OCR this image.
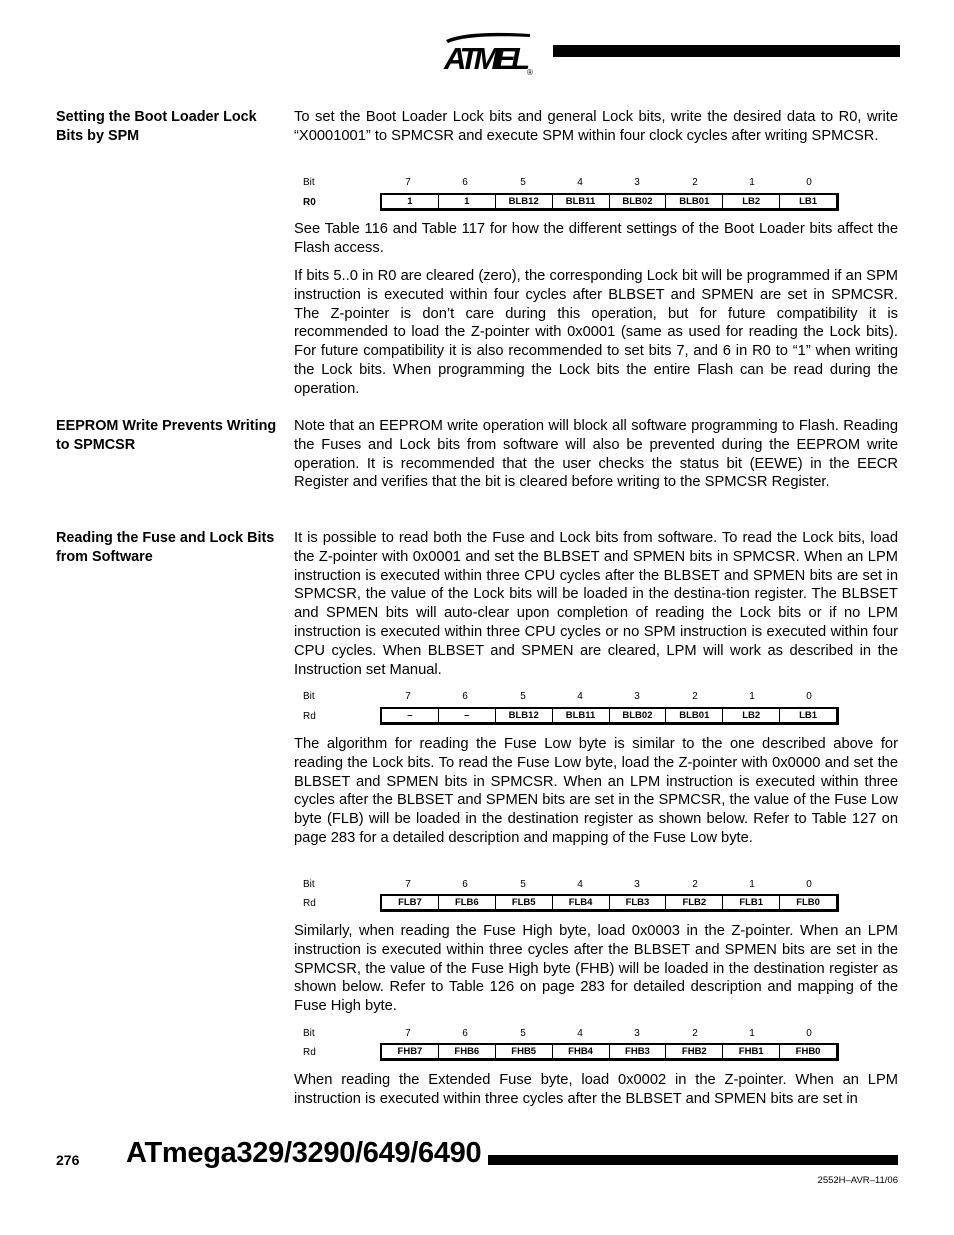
ATMEL ®
Setting the Boot Loader Lock Bits by SPM
To set the Boot Loader Lock bits and general Lock bits, write the desired data to R0, write “X0001001” to SPMCSR and execute SPM within four clock cycles after writing SPMCSR.
Bit	7	6	5	4	3	2	1	0
R0	1	1	BLB12	BLB11	BLB02	BLB01	LB2	LB1
See Table 116 and Table 117 for how the different settings of the Boot Loader bits affect the Flash access.
If bits 5..0 in R0 are cleared (zero), the corresponding Lock bit will be programmed if an SPM instruction is executed within four cycles after BLBSET and SPMEN are set in SPMCSR. The Z-pointer is don’t care during this operation, but for future compatibility it is recommended to load the Z-pointer with 0x0001 (same as used for reading the Lock bits). For future compatibility it is also recommended to set bits 7, and 6 in R0 to “1” when writing the Lock bits. When programming the Lock bits the entire Flash can be read during the operation.
EEPROM Write Prevents Writing to SPMCSR
Note that an EEPROM write operation will block all software programming to Flash. Reading the Fuses and Lock bits from software will also be prevented during the EEPROM write operation. It is recommended that the user checks the status bit (EEWE) in the EECR Register and verifies that the bit is cleared before writing to the SPMCSR Register.
Reading the Fuse and Lock Bits from Software
It is possible to read both the Fuse and Lock bits from software. To read the Lock bits, load the Z-pointer with 0x0001 and set the BLBSET and SPMEN bits in SPMCSR. When an LPM instruction is executed within three CPU cycles after the BLBSET and SPMEN bits are set in SPMCSR, the value of the Lock bits will be loaded in the destina-tion register. The BLBSET and SPMEN bits will auto-clear upon completion of reading the Lock bits or if no LPM instruction is executed within three CPU cycles or no SPM instruction is executed within four CPU cycles. When BLBSET and SPMEN are cleared, LPM will work as described in the Instruction set Manual.
Bit	7	6	5	4	3	2	1	0
Rd	–	–	BLB12	BLB11	BLB02	BLB01	LB2	LB1
The algorithm for reading the Fuse Low byte is similar to the one described above for reading the Lock bits. To read the Fuse Low byte, load the Z-pointer with 0x0000 and set the BLBSET and SPMEN bits in SPMCSR. When an LPM instruction is executed within three cycles after the BLBSET and SPMEN bits are set in the SPMCSR, the value of the Fuse Low byte (FLB) will be loaded in the destination register as shown below. Refer to Table 127 on page 283 for a detailed description and mapping of the Fuse Low byte.
Bit	7	6	5	4	3	2	1	0
Rd	FLB7	FLB6	FLB5	FLB4	FLB3	FLB2	FLB1	FLB0
Similarly, when reading the Fuse High byte, load 0x0003 in the Z-pointer. When an LPM instruction is executed within three cycles after the BLBSET and SPMEN bits are set in the SPMCSR, the value of the Fuse High byte (FHB) will be loaded in the destination register as shown below. Refer to Table 126 on page 283 for detailed description and mapping of the Fuse High byte.
Bit	7	6	5	4	3	2	1	0
Rd	FHB7	FHB6	FHB5	FHB4	FHB3	FHB2	FHB1	FHB0
When reading the Extended Fuse byte, load 0x0002 in the Z-pointer. When an LPM instruction is executed within three cycles after the BLBSET and SPMEN bits are set in
276 ATmega329/3290/649/6490
2552H–AVR–11/06
